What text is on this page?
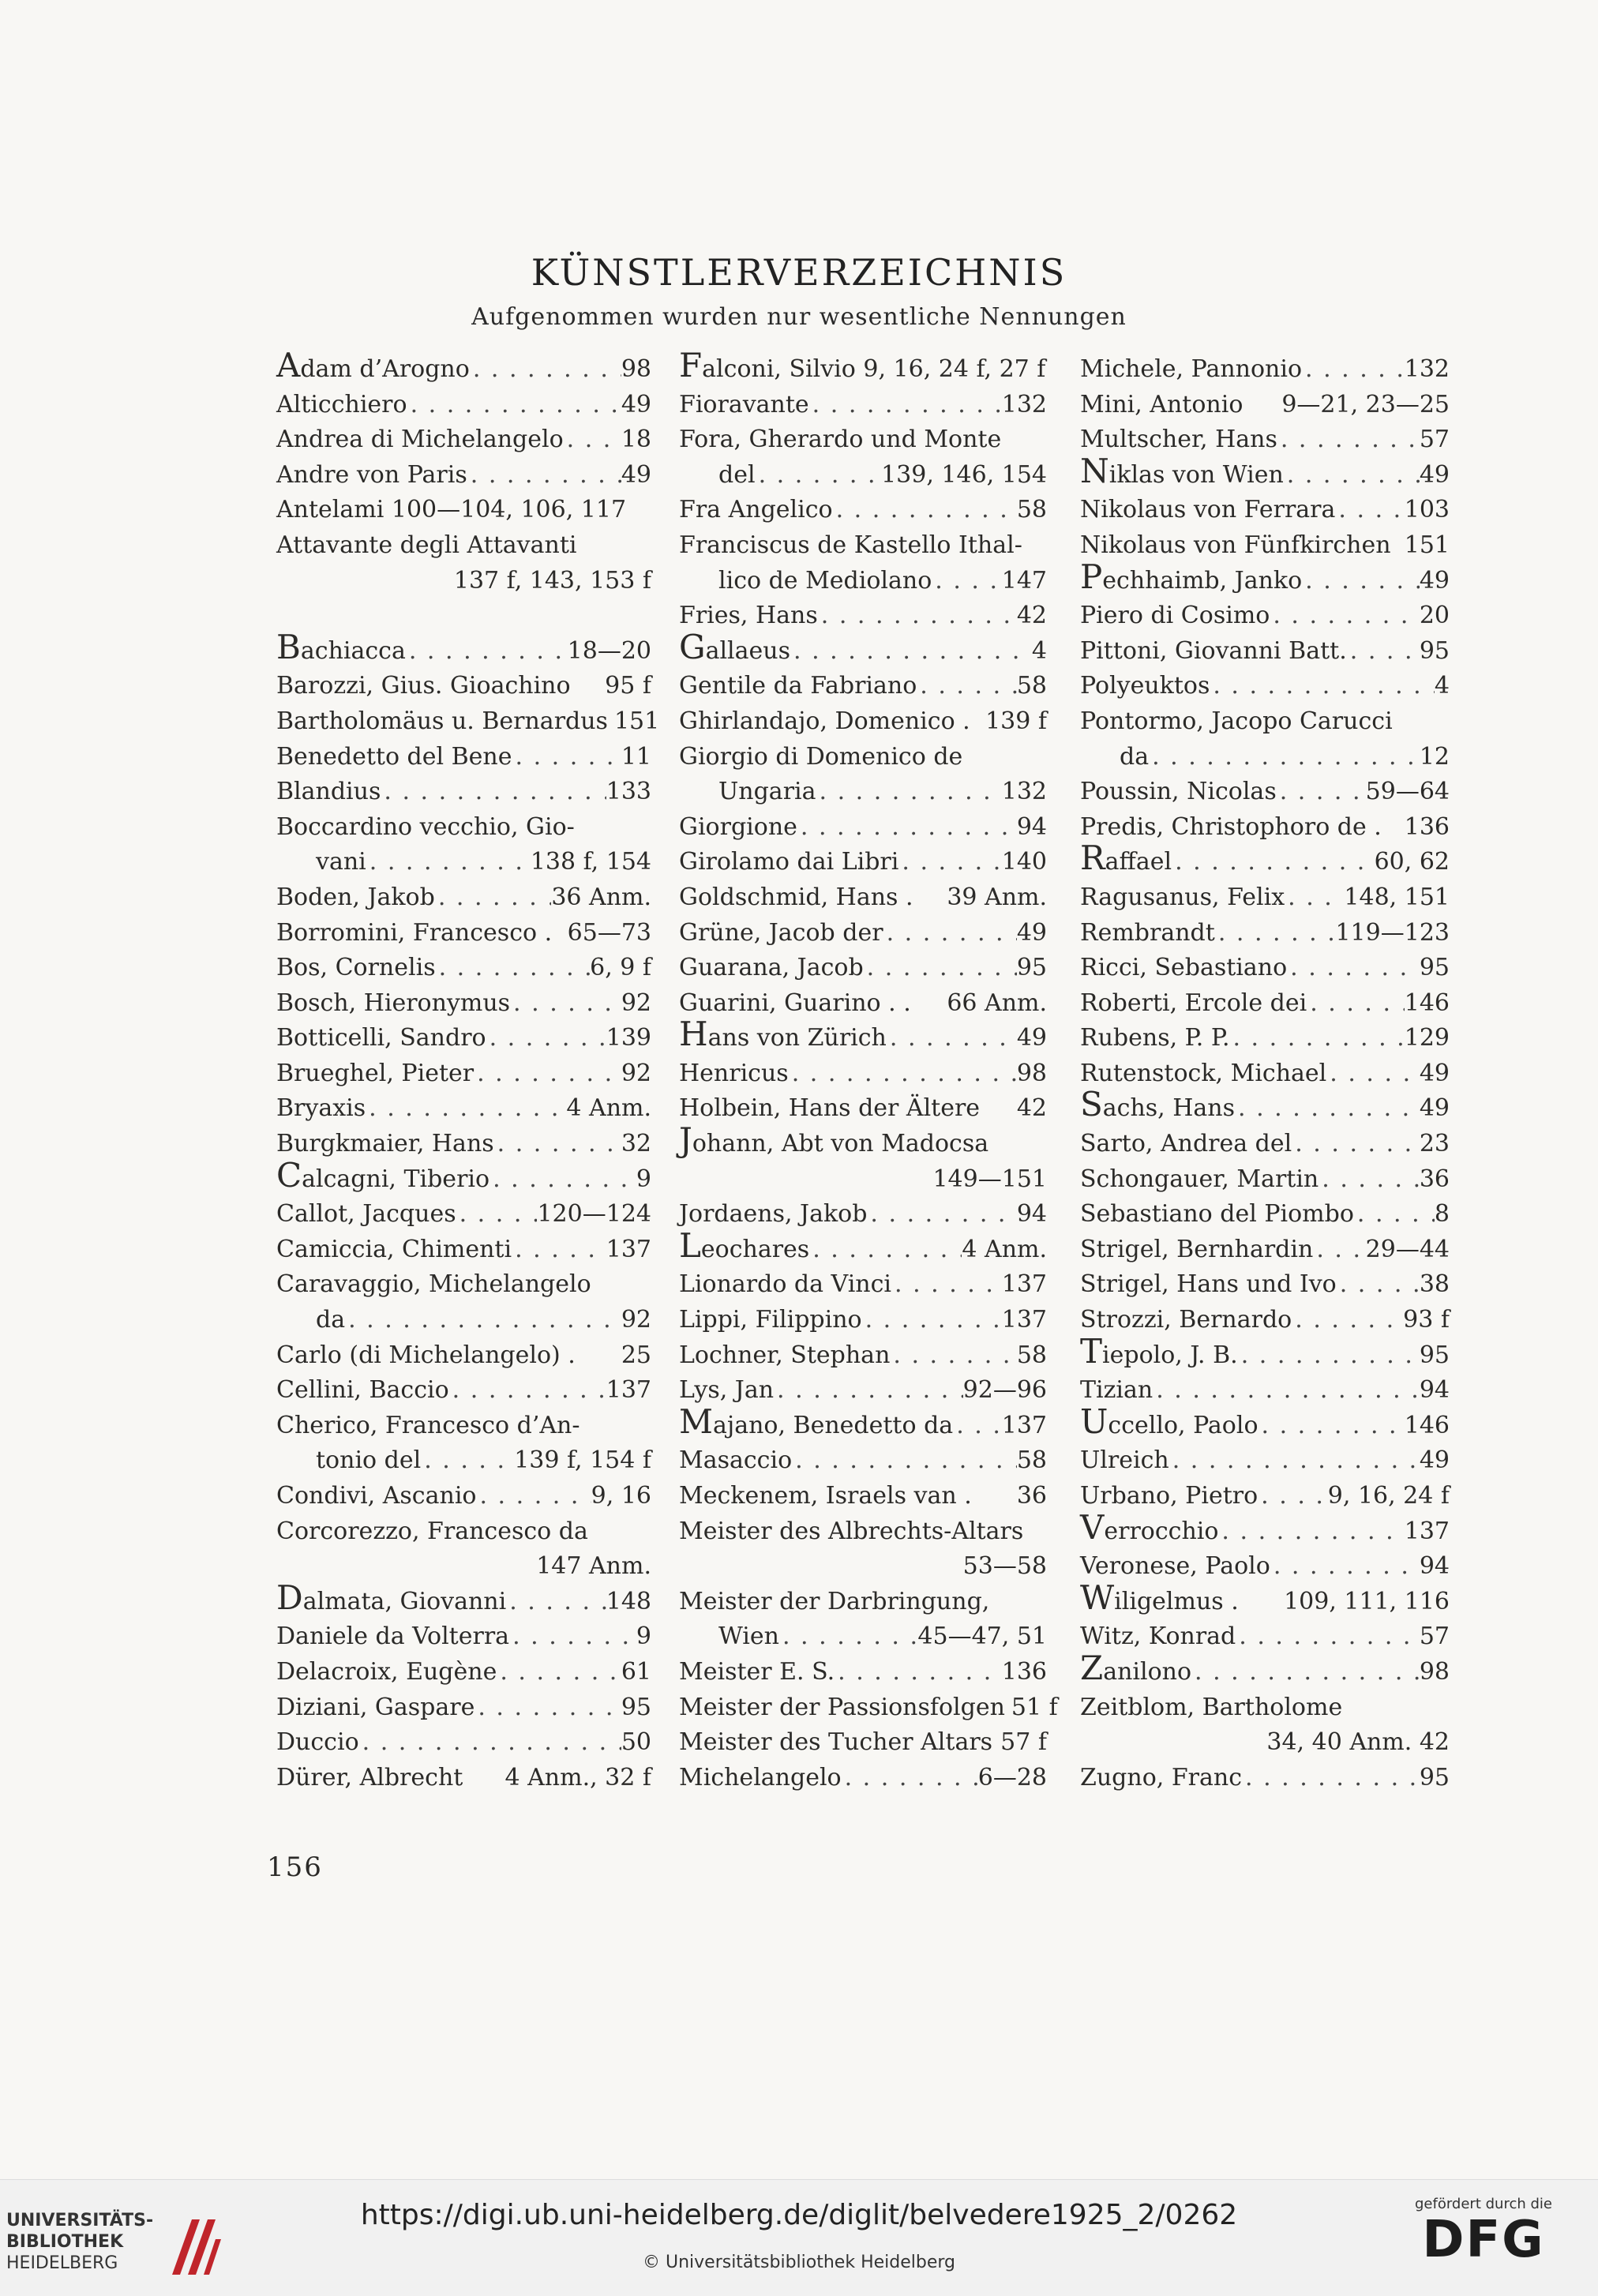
KÜNSTLERVERZEICHNIS
Aufgenommen wurden nur wesentliche Nennungen
Adam d’Arogno . . .	98
Alticchiero . . .	49
Andrea di Michelangelo . . . 18
Andre von Paris . . .	49
Antelami 100—104, 106, 117
Attavante degli Attavanti
137 f, 143, 153 f
Bachiacca . . .	18—20
Barozzi, Gius. Gioachino 95 f
Bartholomäus u. Bernardus 151
Benedetto del Bene . . .	11
Blandius . . .	133
Boccardino vecchio, Gio-
vani . . .	138 f, 154
Boden, Jakob . . .	36 Anm.
Borromini, Francesco . 65—73
Bos, Cornelis . . .	6, 9 f
Bosch, Hieronymus . . .	92
Botticelli, Sandro . . .	139
Brueghel, Pieter . . .	92
Bryaxis . . .	4 Anm.
Burgkmaier, Hans . . .	32
Calcagni, Tiberio . . .	9
Callot, Jacques . . .	120—124
Camiccia, Chimenti . . .	137
Caravaggio, Michelangelo
da . . .	92
Carlo (di Michelangelo) . 25
Cellini, Baccio . . .	137
Cherico, Francesco d’An-
tonio del . . .	139 f, 154 f
Condivi, Ascanio . . .	9, 16
Corcorezzo, Francesco da
147 Anm.
Dalmata, Giovanni . . .	148
Daniele da Volterra . . .	9
Delacroix, Eugène . . .	61
Diziani, Gaspare . . .	95
Duccio . . .	50
Dürer, Albrecht 4 Anm., 32 f
Falconi, Silvio 9, 16, 24 f, 27 f
Fioravante . . .	132
Fora, Gherardo und Monte
del . . .	139, 146, 154
Fra Angelico . . .	58
Franciscus de Kastello Ithal-
lico de Mediolano . . .	147
Fries, Hans . . .	42
Gallaeus . . .	4
Gentile da Fabriano . . .	58
Ghirlandajo, Domenico . 139 f
Giorgio di Domenico de
Ungaria . . .	132
Giorgione . . .	94
Girolamo dai Libri . . .	140
Goldschmid, Hans . 39 Anm.
Grüne, Jacob der . . .	49
Guarana, Jacob . . .	95
Guarini, Guarino . . 66 Anm.
Hans von Zürich . . .	49
Henricus . . .	98
Holbein, Hans der Ältere 42
Johann, Abt von Madocsa
149—151
Jordaens, Jakob . . .	94
Leochares . . .	4 Anm.
Lionardo da Vinci . . .	137
Lippi, Filippino . . .	137
Lochner, Stephan . . .	58
Lys, Jan . . .	92—96
Majano, Benedetto da . . . 137
Masaccio . . .	58
Meckenem, Israels van . 36
Meister des Albrechts-Altars
53—58
Meister der Darbringung,
Wien . . .	45—47, 51
Meister E. S. . . .	136
Meister der Passionsfolgen 51 f
Meister des Tucher Altars 57 f
Michelangelo . . .	6—28
Michele, Pannonio . . .	132
Mini, Antonio 9—21, 23—25
Multscher, Hans . . .	57
Niklas von Wien . . .	49
Nikolaus von Ferrara . . .	103
Nikolaus von Fünfkirchen 151
Pechhaimb, Janko . . .	49
Piero di Cosimo . . .	20
Pittoni, Giovanni Batt. . . .	95
Polyeuktos . . .	4
Pontormo, Jacopo Carucci
da . . .	12
Poussin, Nicolas . . .	59—64
Predis, Christophoro de . 136
Raffael . . .	60, 62
Ragusanus, Felix . . .	148, 151
Rembrandt . . .	119—123
Ricci, Sebastiano . . .	95
Roberti, Ercole dei . . .	146
Rubens, P. P. . . .	129
Rutenstock, Michael . . .	49
Sachs, Hans . . .	49
Sarto, Andrea del . . .	23
Schongauer, Martin . . .	36
Sebastiano del Piombo . . .	8
Strigel, Bernhardin . . . 29—44
Strigel, Hans und Ivo . . .	38
Strozzi, Bernardo . . .	93 f
Tiepolo, J. B. . . .	95
Tizian . . .	94
Uccello, Paolo . . .	146
Ulreich . . .	49
Urbano, Pietro . . .	9, 16, 24 f
Verrocchio . . .	137
Veronese, Paolo . . .	94
Wiligelmus . 109, 111, 116
Witz, Konrad . . .	57
Zanilono . . .	98
Zeitblom, Bartholome
34, 40 Anm. 42
Zugno, Franc . . .	95
156
UNIVERSITÄTS-
BIBLIOTHEK
HEIDELBERG
https://digi.ub.uni-heidelberg.de/diglit/belvedere1925_2/0262
© Universitätsbibliothek Heidelberg
gefördert durch die
DFG
